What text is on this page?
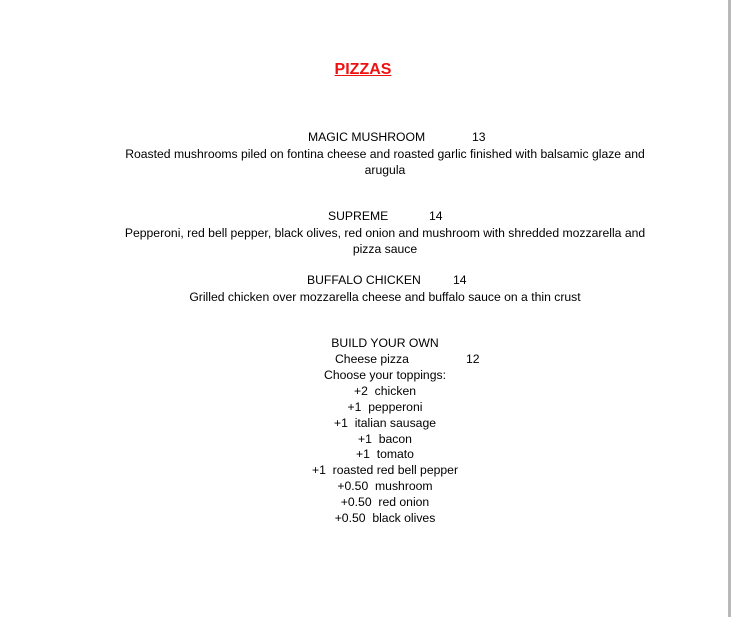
PIZZAS
MAGIC MUSHROOM	13
Roasted mushrooms piled on fontina cheese and roasted garlic finished with balsamic glaze and arugula
SUPREME	14
Pepperoni, red bell pepper, black olives, red onion and mushroom with shredded mozzarella and pizza sauce
BUFFALO CHICKEN	14
Grilled chicken over mozzarella cheese and buffalo sauce on a thin crust
BUILD YOUR OWN
Cheese pizza	12
Choose your toppings:
+2 chicken
+1 pepperoni
+1 italian sausage
+1 bacon
+1 tomato
+1 roasted red bell pepper
+0.50 mushroom
+0.50 red onion
+0.50 black olives
